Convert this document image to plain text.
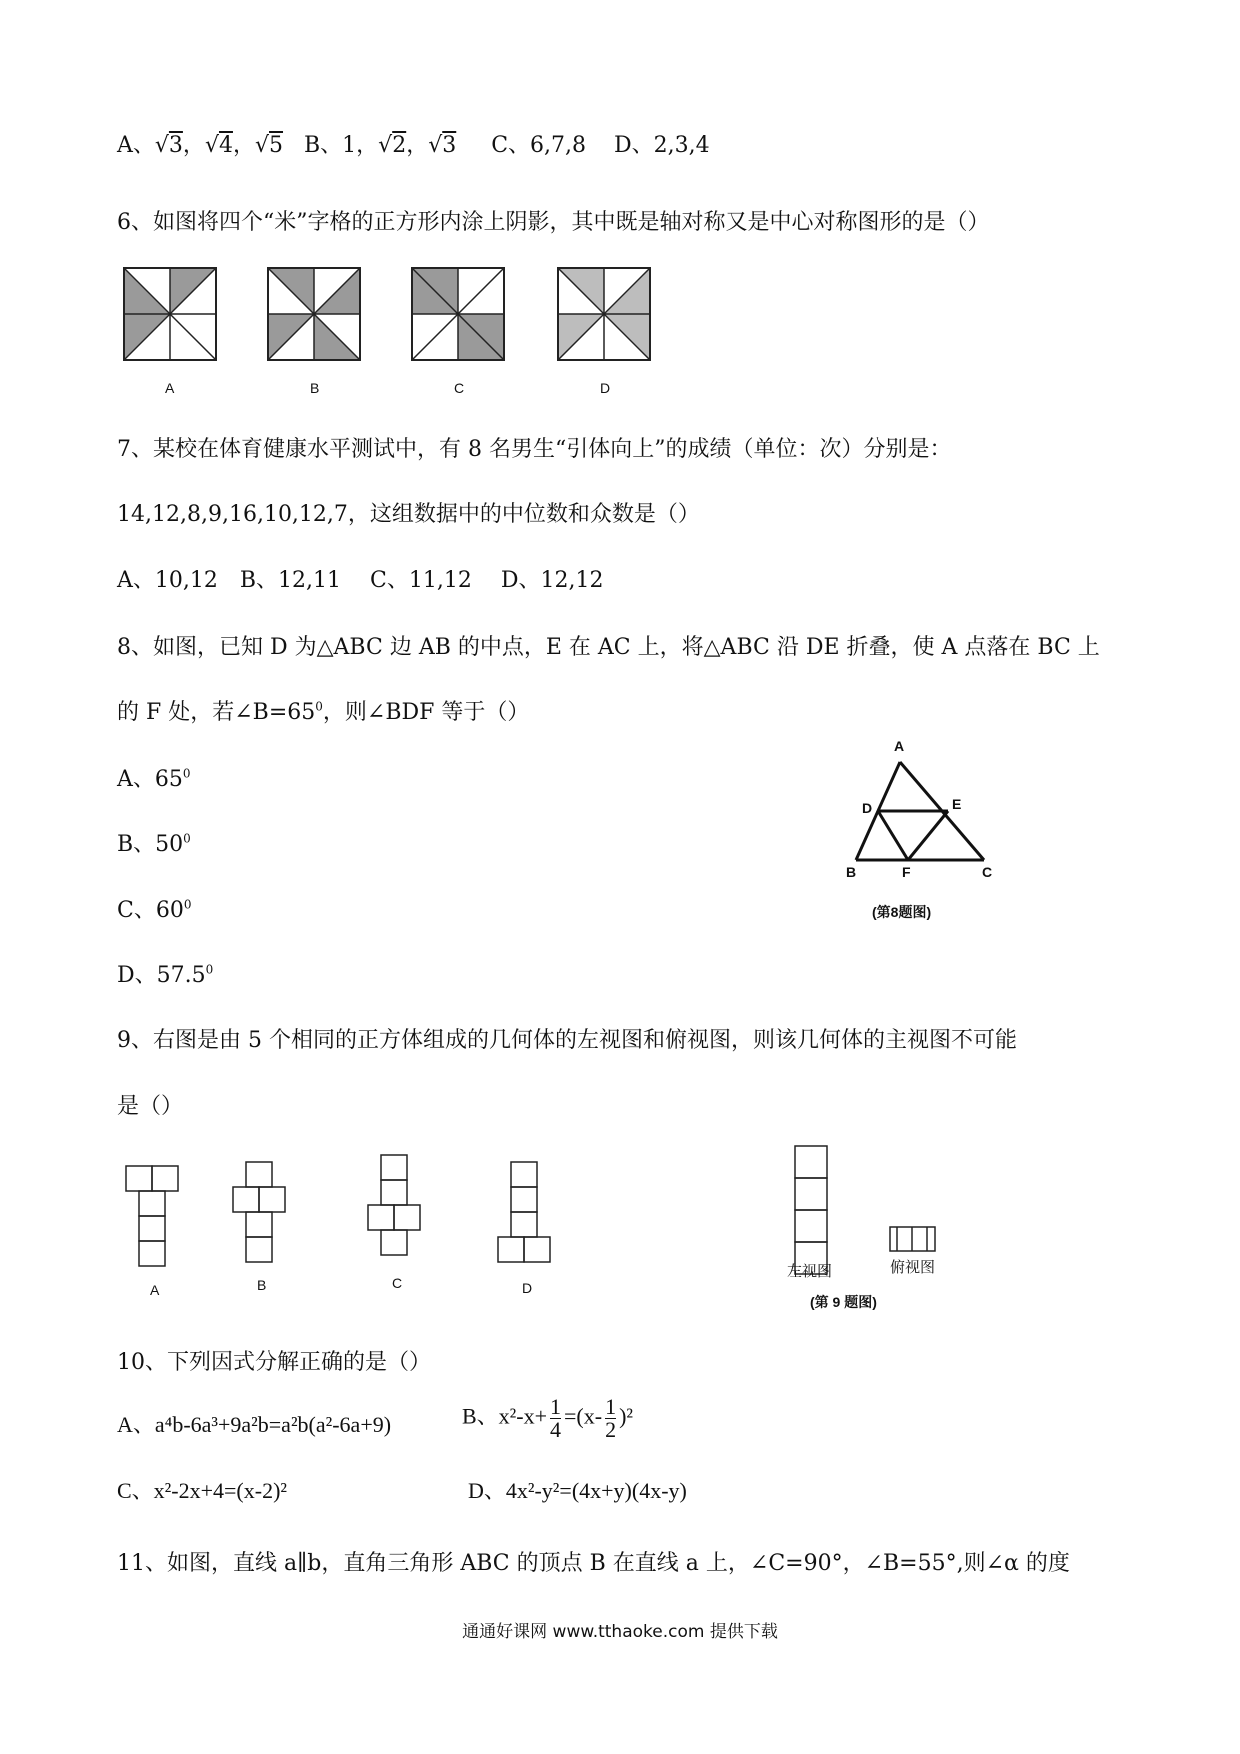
A、√3，√4，√5 B、1，√2，√3 C、6,7,8 D、2,3,4
6、如图将四个“米”字格的正方形内涂上阴影，其中既是轴对称又是中心对称图形的是（）
A	B	C	D
7、某校在体育健康水平测试中，有 8 名男生“引体向上”的成绩（单位：次）分别是：
14,12,8,9,16,10,12,7，这组数据中的中位数和众数是（）
A、10,12　B、12,11　 C、11,12　 D、12,12
8、如图，已知 D 为△ABC 边 AB 的中点，E 在 AC 上，将△ABC 沿 DE 折叠，使 A 点落在 BC 上
的 F 处，若$\angle B=65^0$，则∠BDF 等于（）
A、$65^0$
B、$50^0$
C、$60^0$
D、57.5$^0$
A
D	E
B	F	C
(第8题图)
9、右图是由 5 个相同的正方体组成的几何体的左视图和俯视图，则该几何体的主视图不可能
是（）
A	B	C	D
左视图	俯视图
(第 9 题图)
10、下列因式分解正确的是（）
A、a⁴b-6a³+9a²b=a²b(a²-6a+9)	B、$x^2-x+ \frac{1}{4} =(x- \frac{1}{2} )^2$
C、x²-2x+4=(x-2)²	D、4x²-y²=(4x+y)(4x-y)
11、如图，直线 a∥b，直角三角形 ABC 的顶点 B 在直线 a 上，∠C=90°，∠B=55°,则∠α 的度
通通好课网 www.tthaoke.com 提供下载
